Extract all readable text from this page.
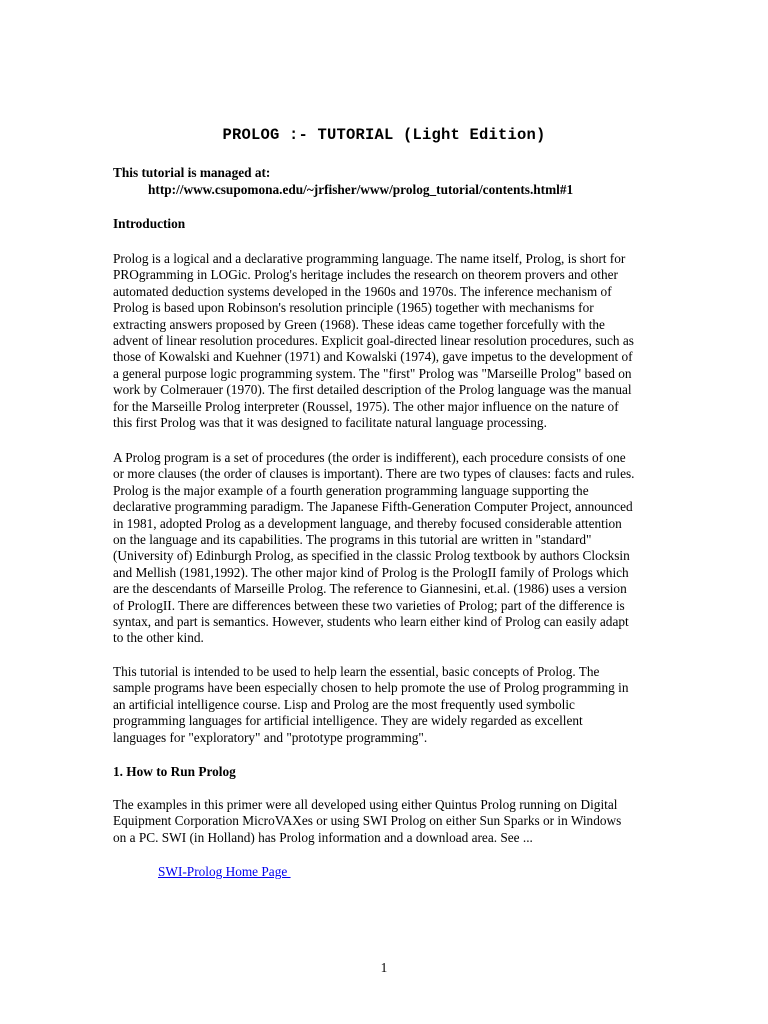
PROLOG :- TUTORIAL (Light Edition)
This tutorial is managed at:
http://www.csupomona.edu/~jrfisher/www/prolog_tutorial/contents.html#1
Introduction

Prolog is a logical and a declarative programming language. The name itself, Prolog, is short for
PROgramming in LOGic. Prolog's heritage includes the research on theorem provers and other
automated deduction systems developed in the 1960s and 1970s. The inference mechanism of
Prolog is based upon Robinson's resolution principle (1965) together with mechanisms for
extracting answers proposed by Green (1968). These ideas came together forcefully with the
advent of linear resolution procedures. Explicit goal-directed linear resolution procedures, such as
those of Kowalski and Kuehner (1971) and Kowalski (1974), gave impetus to the development of
a general purpose logic programming system. The "first" Prolog was "Marseille Prolog" based on
work by Colmerauer (1970). The first detailed description of the Prolog language was the manual
for the Marseille Prolog interpreter (Roussel, 1975). The other major influence on the nature of
this first Prolog was that it was designed to facilitate natural language processing.

A Prolog program is a set of procedures (the order is indifferent), each procedure consists of one
or more clauses (the order of clauses is important). There are two types of clauses: facts and rules.
Prolog is the major example of a fourth generation programming language supporting the
declarative programming paradigm. The Japanese Fifth-Generation Computer Project, announced
in 1981, adopted Prolog as a development language, and thereby focused considerable attention
on the language and its capabilities. The programs in this tutorial are written in "standard"
(University of) Edinburgh Prolog, as specified in the classic Prolog textbook by authors Clocksin
and Mellish (1981,1992). The other major kind of Prolog is the PrologII family of Prologs which
are the descendants of Marseille Prolog. The reference to Giannesini, et.al. (1986) uses a version
of PrologII. There are differences between these two varieties of Prolog; part of the difference is
syntax, and part is semantics. However, students who learn either kind of Prolog can easily adapt
to the other kind.

This tutorial is intended to be used to help learn the essential, basic concepts of Prolog. The
sample programs have been especially chosen to help promote the use of Prolog programming in
an artificial intelligence course. Lisp and Prolog are the most frequently used symbolic
programming languages for artificial intelligence. They are widely regarded as excellent
languages for "exploratory" and "prototype programming".

1. How to Run Prolog

The examples in this primer were all developed using either Quintus Prolog running on Digital
Equipment Corporation MicroVAXes or using SWI Prolog on either Sun Sparks or in Windows
on a PC. SWI (in Holland) has Prolog information and a download area. See ...

SWI-Prolog Home Page
1
